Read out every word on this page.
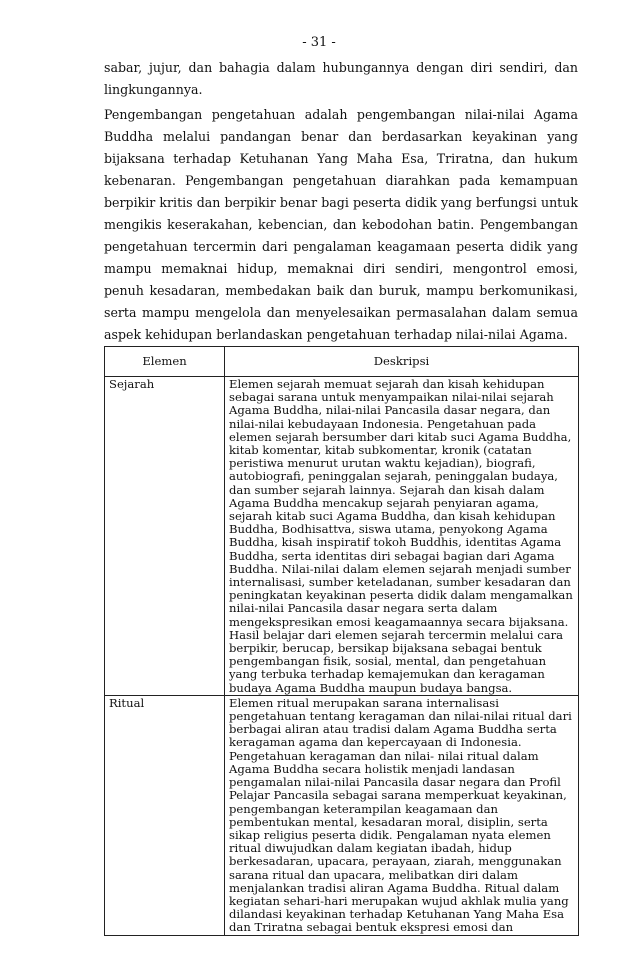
- 31 -

sabar, jujur, dan bahagia dalam hubungannya dengan diri sendiri, dan lingkungannya.

Pengembangan pengetahuan adalah pengembangan nilai-nilai Agama Buddha melalui pandangan benar dan berdasarkan keyakinan yang bijaksana terhadap Ketuhanan Yang Maha Esa, Triratna, dan hukum kebenaran. Pengembangan pengetahuan diarahkan pada kemampuan berpikir kritis dan berpikir benar bagi peserta didik yang berfungsi untuk mengikis keserakahan, kebencian, dan kebodohan batin. Pengembangan pengetahuan tercermin dari pengalaman keagamaan peserta didik yang mampu memaknai hidup, memaknai diri sendiri, mengontrol emosi, penuh kesadaran, membedakan baik dan buruk, mampu berkomunikasi, serta mampu mengelola dan menyelesaikan permasalahan dalam semua aspek kehidupan berlandaskan pengetahuan terhadap nilai-nilai Agama.

Elemen	Deskripsi
Sejarah	Elemen sejarah memuat sejarah dan kisah kehidupan sebagai sarana untuk menyampaikan nilai-nilai sejarah Agama Buddha, nilai-nilai Pancasila dasar negara, dan nilai-nilai kebudayaan Indonesia. Pengetahuan pada elemen sejarah bersumber dari kitab suci Agama Buddha, kitab komentar, kitab subkomentar, kronik (catatan peristiwa menurut urutan waktu kejadian), biografi, autobiografi, peninggalan sejarah, peninggalan budaya, dan sumber sejarah lainnya. Sejarah dan kisah dalam Agama Buddha mencakup sejarah penyiaran agama, sejarah kitab suci Agama Buddha, dan kisah kehidupan Buddha, Bodhisattva, siswa utama, penyokong Agama Buddha, kisah inspiratif tokoh Buddhis, identitas Agama Buddha, serta identitas diri sebagai bagian dari Agama Buddha. Nilai-nilai dalam elemen sejarah menjadi sumber internalisasi, sumber keteladanan, sumber kesadaran dan peningkatan keyakinan peserta didik dalam mengamalkan nilai-nilai Pancasila dasar negara serta dalam mengekspresikan emosi keagamaannya secara bijaksana. Hasil belajar dari elemen sejarah tercermin melalui cara berpikir, berucap, bersikap bijaksana sebagai bentuk pengembangan fisik, sosial, mental, dan pengetahuan yang terbuka terhadap kemajemukan dan keragaman budaya Agama Buddha maupun budaya bangsa.
Ritual	Elemen ritual merupakan sarana internalisasi pengetahuan tentang keragaman dan nilai-nilai ritual dari berbagai aliran atau tradisi dalam Agama Buddha serta keragaman agama dan kepercayaan di Indonesia. Pengetahuan keragaman dan nilai- nilai ritual dalam Agama Buddha secara holistik menjadi landasan pengamalan nilai-nilai Pancasila dasar negara dan Profil Pelajar Pancasila sebagai sarana memperkuat keyakinan, pengembangan keterampilan keagamaan dan pembentukan mental, kesadaran moral, disiplin, serta sikap religius peserta didik. Pengalaman nyata elemen ritual diwujudkan dalam kegiatan ibadah, hidup berkesadaran, upacara, perayaan, ziarah, menggunakan sarana ritual dan upacara, melibatkan diri dalam menjalankan tradisi aliran Agama Buddha. Ritual dalam kegiatan sehari-hari merupakan wujud akhlak mulia yang dilandasi keyakinan terhadap Ketuhanan Yang Maha Esa dan Triratna sebagai bentuk ekspresi emosi dan
